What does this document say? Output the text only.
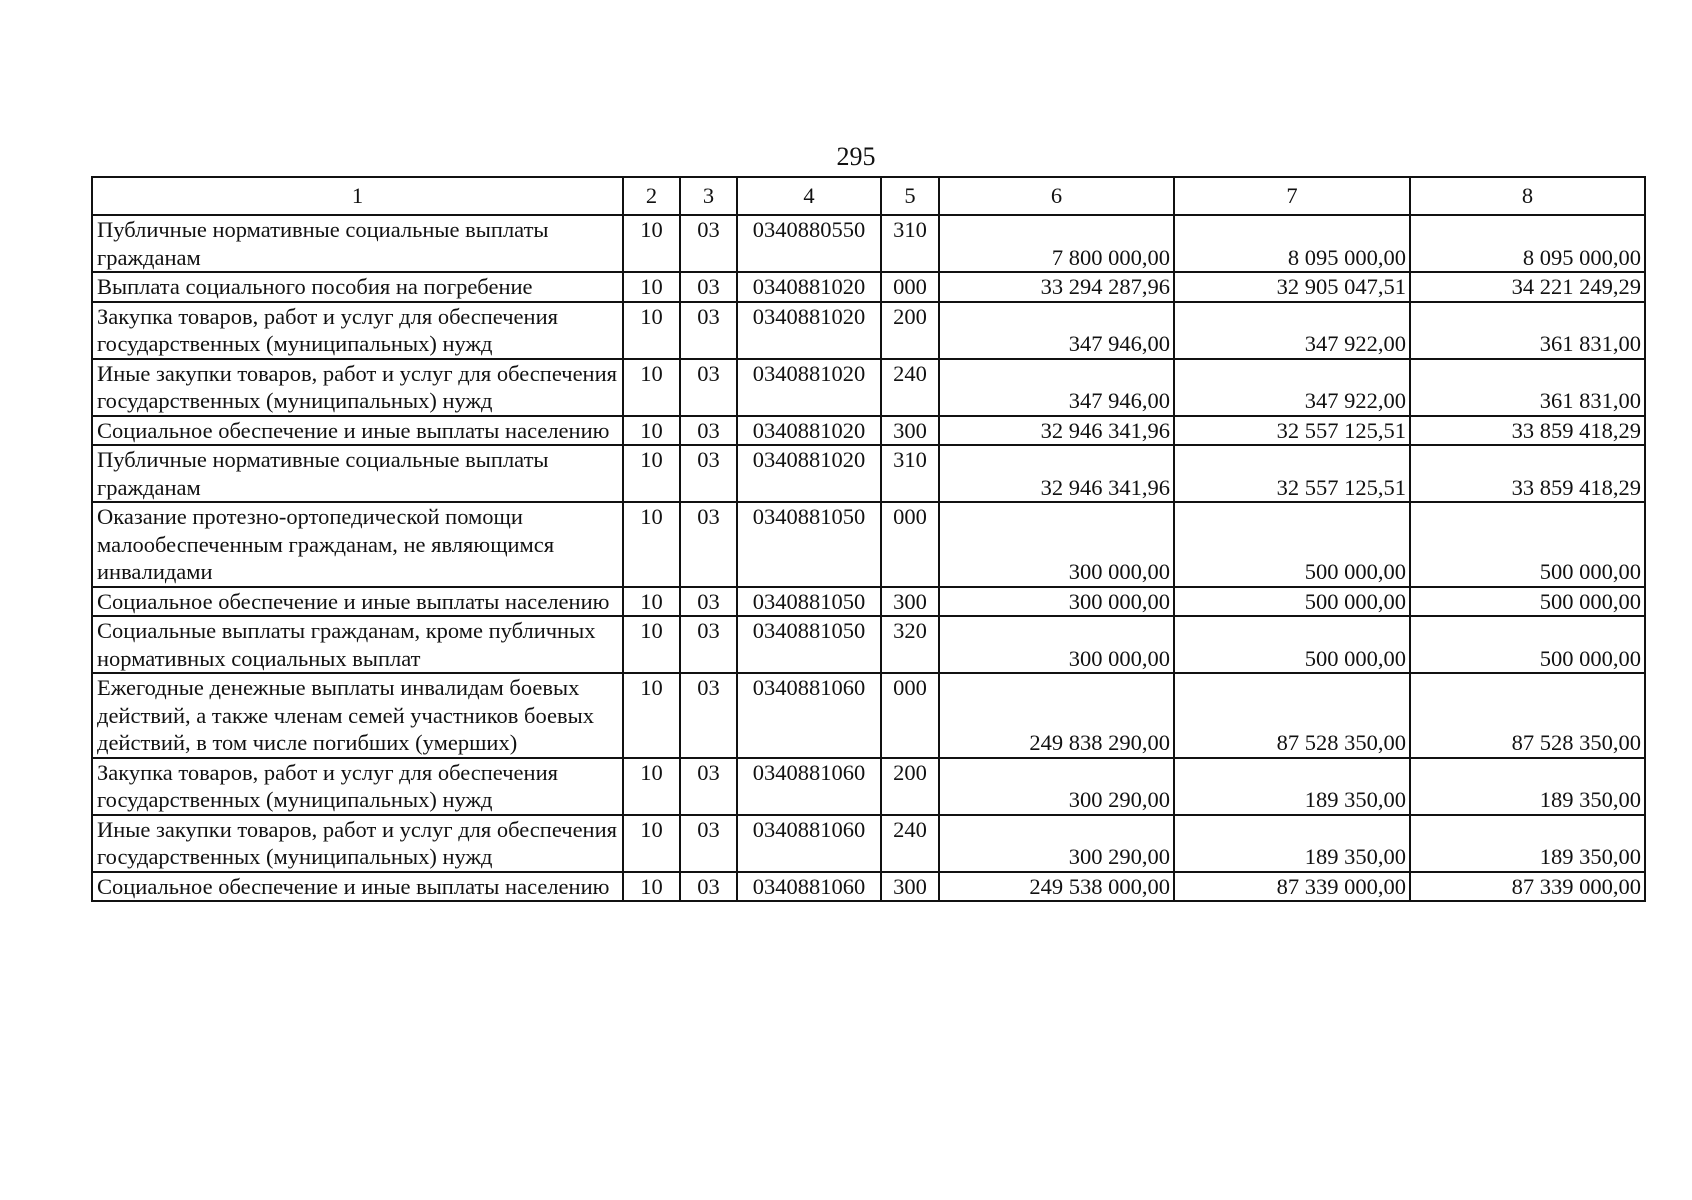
295
1	2	3	4	5	6	7	8
Публичные нормативные социальные выплаты гражданам	10	03	0340880550	310	7 800 000,00	8 095 000,00	8 095 000,00
Выплата социального пособия на погребение	10	03	0340881020	000	33 294 287,96	32 905 047,51	34 221 249,29
Закупка товаров, работ и услуг для обеспечения государственных (муниципальных) нужд	10	03	0340881020	200	347 946,00	347 922,00	361 831,00
Иные закупки товаров, работ и услуг для обеспечения государственных (муниципальных) нужд	10	03	0340881020	240	347 946,00	347 922,00	361 831,00
Социальное обеспечение и иные выплаты населению	10	03	0340881020	300	32 946 341,96	32 557 125,51	33 859 418,29
Публичные нормативные социальные выплаты гражданам	10	03	0340881020	310	32 946 341,96	32 557 125,51	33 859 418,29
Оказание протезно-ортопедической помощи малообеспеченным гражданам, не являющимся инвалидами	10	03	0340881050	000	300 000,00	500 000,00	500 000,00
Социальное обеспечение и иные выплаты населению	10	03	0340881050	300	300 000,00	500 000,00	500 000,00
Социальные выплаты гражданам, кроме публичных нормативных социальных выплат	10	03	0340881050	320	300 000,00	500 000,00	500 000,00
Ежегодные денежные выплаты инвалидам боевых действий, а также членам семей участников боевых действий, в том числе погибших (умерших)	10	03	0340881060	000	249 838 290,00	87 528 350,00	87 528 350,00
Закупка товаров, работ и услуг для обеспечения государственных (муниципальных) нужд	10	03	0340881060	200	300 290,00	189 350,00	189 350,00
Иные закупки товаров, работ и услуг для обеспечения государственных (муниципальных) нужд	10	03	0340881060	240	300 290,00	189 350,00	189 350,00
Социальное обеспечение и иные выплаты населению	10	03	0340881060	300	249 538 000,00	87 339 000,00	87 339 000,00
